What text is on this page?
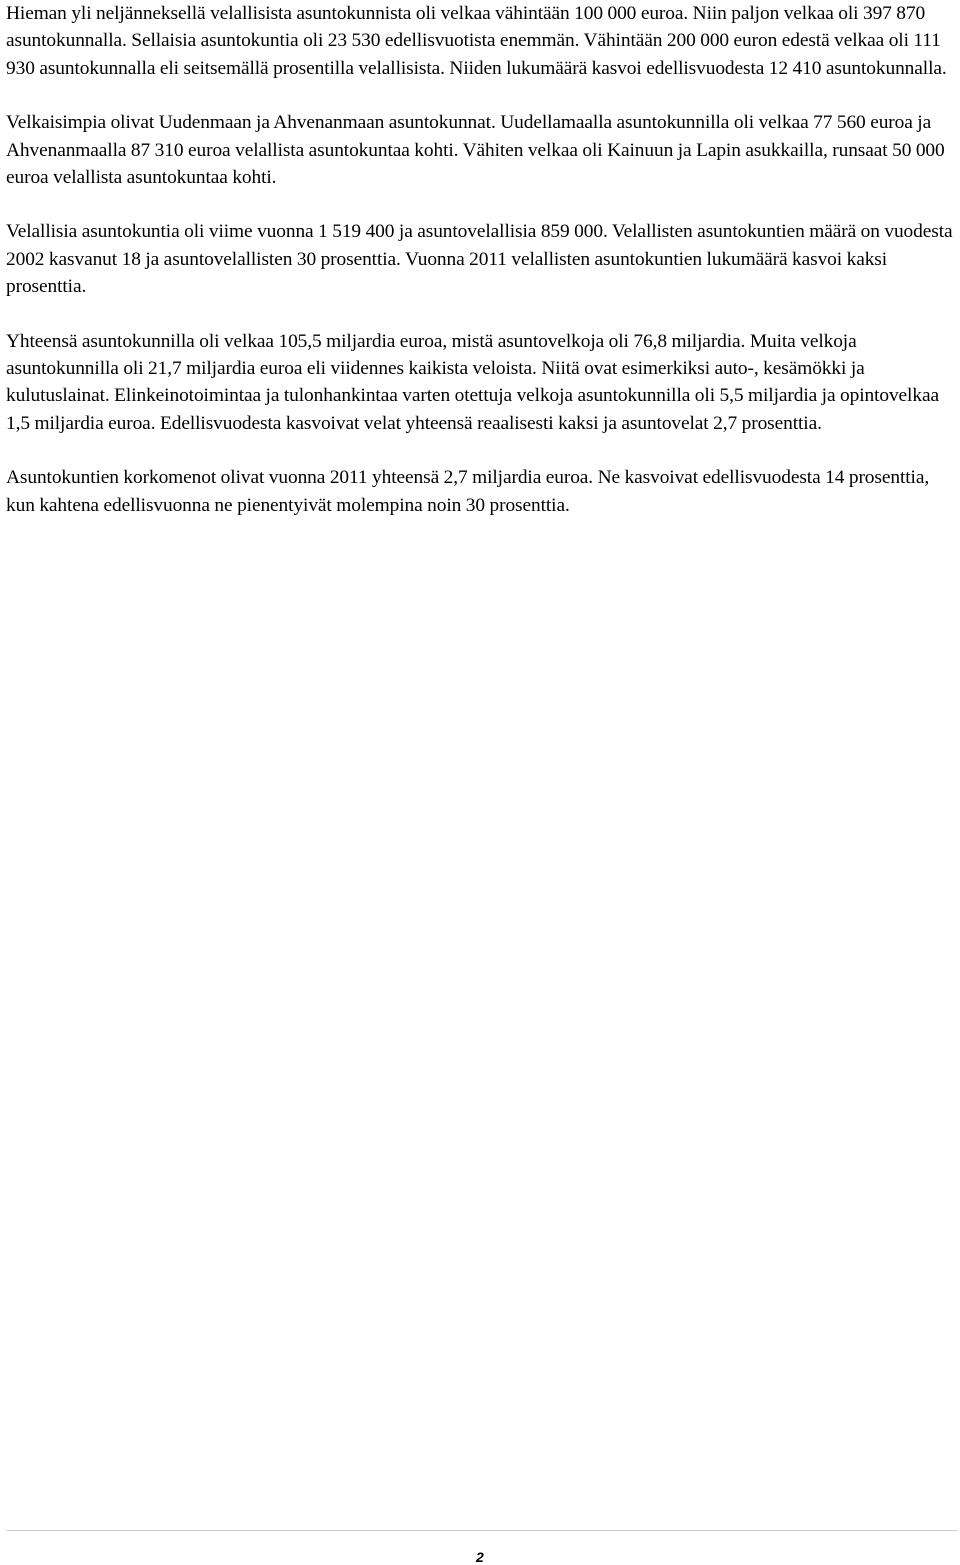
Hieman yli neljänneksellä velallisista asuntokunnista oli velkaa vähintään 100 000 euroa. Niin paljon velkaa oli 397 870 asuntokunnalla. Sellaisia asuntokuntia oli 23 530 edellisvuotista enemmän. Vähintään 200 000 euron edestä velkaa oli 111 930 asuntokunnalla eli seitsemällä prosentilla velallisista. Niiden lukumäärä kasvoi edellisvuodesta 12 410 asuntokunnalla.

Velkaisimpia olivat Uudenmaan ja Ahvenanmaan asuntokunnat. Uudellamaalla asuntokunnilla oli velkaa 77 560 euroa ja Ahvenanmaalla 87 310 euroa velallista asuntokuntaa kohti. Vähiten velkaa oli Kainuun ja Lapin asukkailla, runsaat 50 000 euroa velallista asuntokuntaa kohti.

Velallisia asuntokuntia oli viime vuonna 1 519 400 ja asuntovelallisia 859 000. Velallisten asuntokuntien määrä on vuodesta 2002 kasvanut 18 ja asuntovelallisten 30 prosenttia. Vuonna 2011 velallisten asuntokuntien lukumäärä kasvoi kaksi prosenttia.

Yhteensä asuntokunnilla oli velkaa 105,5 miljardia euroa, mistä asuntovelkoja oli 76,8 miljardia. Muita velkoja asuntokunnilla oli 21,7 miljardia euroa eli viidennes kaikista veloista. Niitä ovat esimerkiksi auto-, kesämökki ja kulutuslainat. Elinkeinotoimintaa ja tulonhankintaa varten otettuja velkoja asuntokunnilla oli 5,5 miljardia ja opintovelkaa 1,5 miljardia euroa. Edellisvuodesta kasvoivat velat yhteensä reaalisesti kaksi ja asuntovelat 2,7 prosenttia.

Asuntokuntien korkomenot olivat vuonna 2011 yhteensä 2,7 miljardia euroa. Ne kasvoivat edellisvuodesta 14 prosenttia, kun kahtena edellisvuonna ne pienentyivät molempina noin 30 prosenttia.

2
